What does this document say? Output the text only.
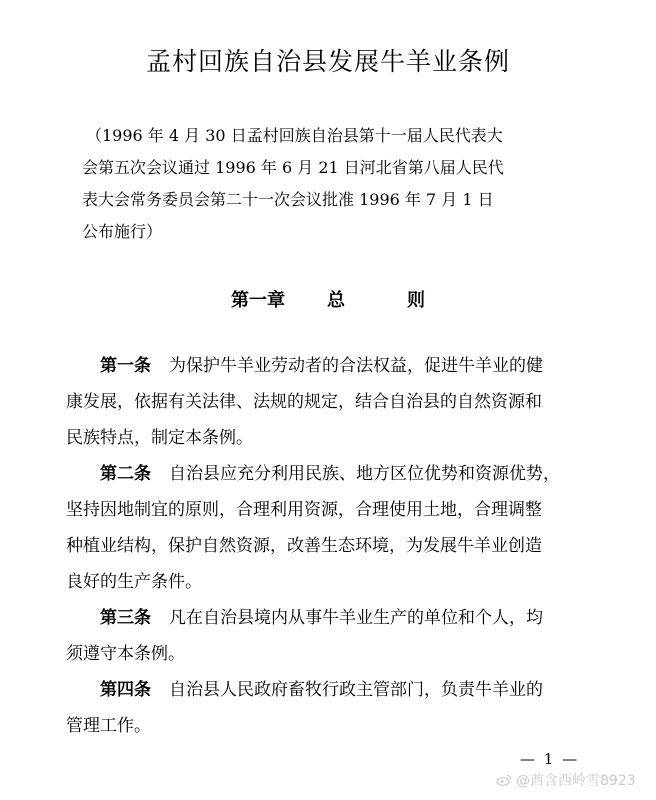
孟村回族自治县发展牛羊业条例
（1996 年 4 月 30 日孟村回族自治县第十一届人民代表大
会第五次会议通过 1996 年 6 月 21 日河北省第八届人民代
表大会常务委员会第二十一次会议批准 1996 年 7 月 1 日
公布施行）
第一章 总	则
第一条 为保护牛羊业劳动者的合法权益，促进牛羊业的健
康发展，依据有关法律、法规的规定，结合自治县的自然资源和
民族特点，制定本条例。
第二条 自治县应充分利用民族、地方区位优势和资源优势，
坚持因地制宜的原则，合理利用资源，合理使用土地，合理调整
种植业结构，保护自然资源，改善生态环境，为发展牛羊业创造
良好的生产条件。
第三条 凡在自治县境内从事牛羊业生产的单位和个人，均
须遵守本条例。
第四条 自治县人民政府畜牧行政主管部门，负责牛羊业的
管理工作。
— 1 —
@酋含西岭雪8923
